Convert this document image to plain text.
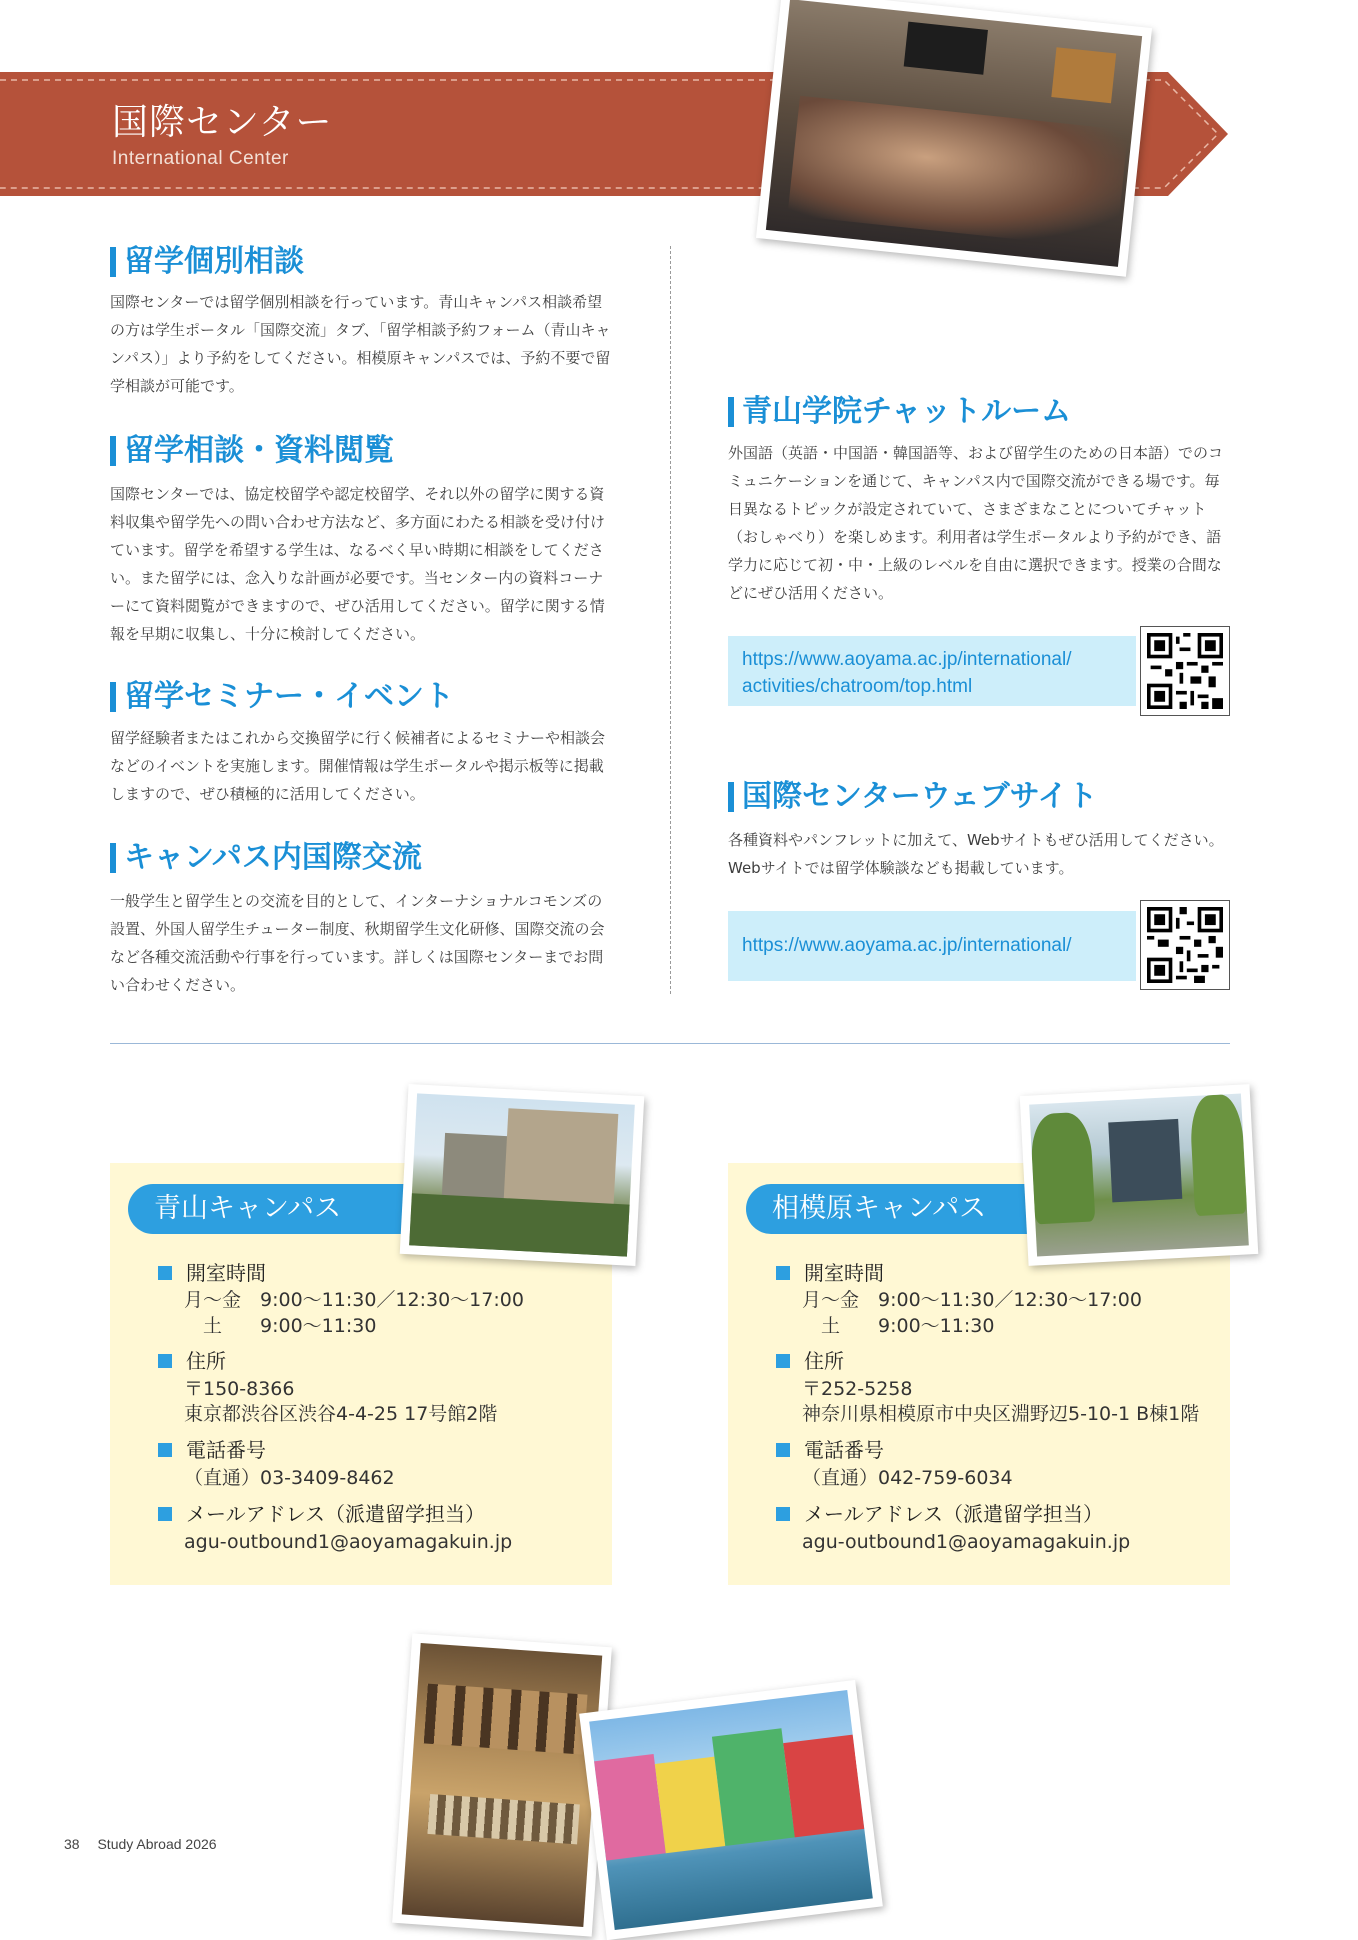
国際センター
International Center
留学個別相談
国際センターでは留学個別相談を行っています。青山キャンパス相談希望の方は学生ポータル「国際交流」タブ、「留学相談予約フォーム（青山キャンパス）」より予約をしてください。相模原キャンパスでは、予約不要で留学相談が可能です。
留学相談・資料閲覧
国際センターでは、協定校留学や認定校留学、それ以外の留学に関する資料収集や留学先への問い合わせ方法など、多方面にわたる相談を受け付けています。留学を希望する学生は、なるべく早い時期に相談をしてください。また留学には、念入りな計画が必要です。当センター内の資料コーナーにて資料閲覧ができますので、ぜひ活用してください。留学に関する情報を早期に収集し、十分に検討してください。
留学セミナー・イベント
留学経験者またはこれから交換留学に行く候補者によるセミナーや相談会などのイベントを実施します。開催情報は学生ポータルや掲示板等に掲載しますので、ぜひ積極的に活用してください。
キャンパス内国際交流
一般学生と留学生との交流を目的として、インターナショナルコモンズの設置、外国人留学生チューター制度、秋期留学生文化研修、国際交流の会など各種交流活動や行事を行っています。詳しくは国際センターまでお問い合わせください。
青山学院チャットルーム
外国語（英語・中国語・韓国語等、および留学生のための日本語）でのコミュニケーションを通じて、キャンパス内で国際交流ができる場です。毎日異なるトピックが設定されていて、さまざまなことについてチャット（おしゃべり）を楽しめます。利用者は学生ポータルより予約ができ、語学力に応じて初・中・上級のレベルを自由に選択できます。授業の合間などにぜひ活用ください。
https://www.aoyama.ac.jp/international/
activities/chatroom/top.html
国際センターウェブサイト
各種資料やパンフレットに加えて、Webサイトもぜひ活用してください。Webサイトでは留学体験談なども掲載しています。
https://www.aoyama.ac.jp/international/
青山キャンパス
開室時間
月～金　9:00～11:30／12:30～17:00
　土　　9:00～11:30
住所
〒150-8366
東京都渋谷区渋谷4-4-25 17号館2階
電話番号
（直通）03-3409-8462
メールアドレス（派遣留学担当）
agu-outbound1@aoyamagakuin.jp
相模原キャンパス
開室時間
月～金　9:00～11:30／12:30～17:00
　土　　9:00～11:30
住所
〒252-5258
神奈川県相模原市中央区淵野辺5-10-1 B棟1階
電話番号
（直通）042-759-6034
メールアドレス（派遣留学担当）
agu-outbound1@aoyamagakuin.jp
38 Study Abroad 2026
